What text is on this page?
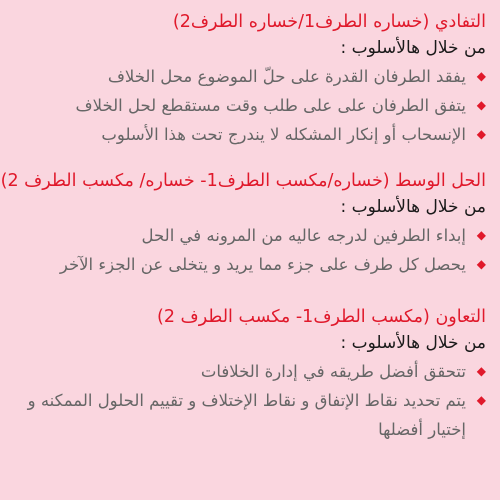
التفادي (خساره الطرف1/خساره الطرف2)
من خلال هالأسلوب :
◆
يفقد الطرفان القدرة على حلّ الموضوع محل الخلاف
◆
يتفق الطرفان على على طلب وقت مستقطع لحل الخلاف
◆
الإنسحاب أو إنكار المشكله لا يندرج تحت هذا الأسلوب
الحل الوسط (خساره/مكسب الطرف1- خساره/ مكسب الطرف 2)
من خلال هالأسلوب :
◆
إبداء الطرفين لدرجه عاليه من المرونه في الحل
◆
يحصل كل طرف على جزء مما يريد و يتخلى عن الجزء الآخر
التعاون (مكسب الطرف1- مكسب الطرف 2)
من خلال هالأسلوب :
◆
تتحقق أفضل طريقه في إدارة الخلافات
◆
يتم تحديد نقاط الإتفاق و نقاط الإختلاف و تقييم الحلول الممكنه و إختيار أفضلها
